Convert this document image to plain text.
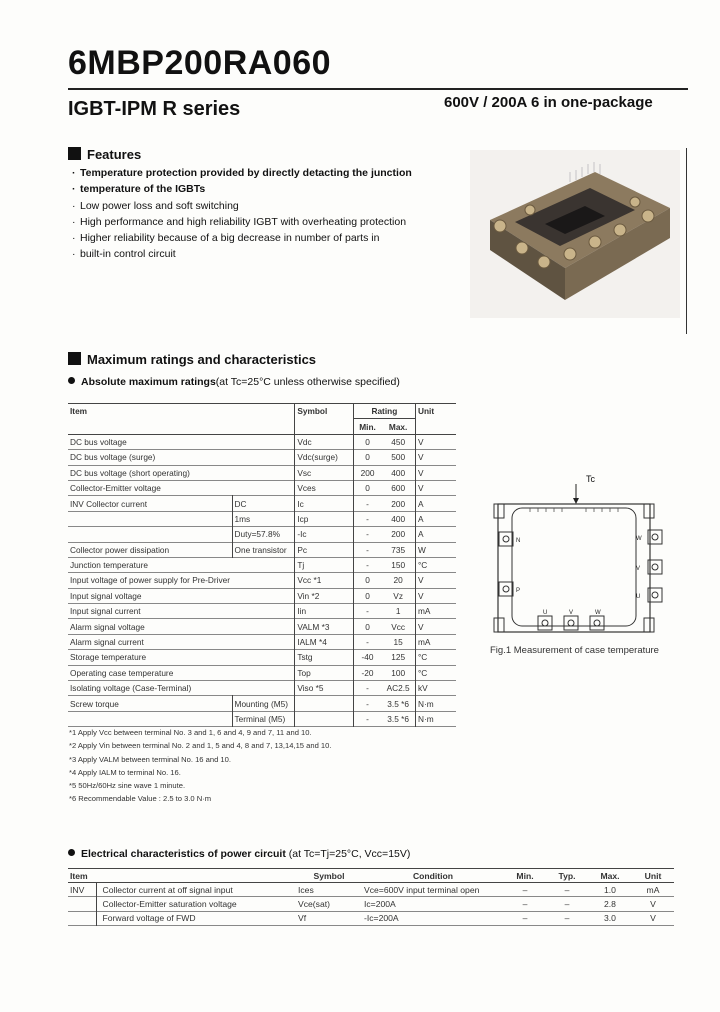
6MBP200RA060
IGBT-IPM R series	600V / 200A 6 in one-package
Features
· Temperature protection provided by directly detacting the junction
· temperature of the IGBTs
· Low power loss and soft switching
· High performance and high reliability IGBT with overheating protection
· Higher reliability because of a big decrease in number of parts in
· built-in control circuit
Maximum ratings and characteristics
Absolute maximum ratings(at Tc=25°C unless otherwise specified)
Item		Symbol	Rating		Unit
			Min.	Max.	
DC bus voltage		Vdc	0	450	V
DC bus voltage (surge)		Vdc(surge)	0	500	V
DC bus voltage (short operating)		Vsc	200	400	V
Collector-Emitter voltage		Vces	0	600	V
INV Collector current	DC	Ic	-	200	A
	1ms	Icp	-	400	A
	Duty=57.8%	-Ic	-	200	A
Collector power dissipation	One transistor	Pc	-	735	W
Junction temperature		Tj	-	150	°C
Input voltage of power supply for Pre-Driver		Vcc *1	0	20	V
Input signal voltage		Vin *2	0	Vz	V
Input signal current		Iin	-	1	mA
Alarm signal voltage		VALM *3	0	Vcc	V
Alarm signal current		IALM *4	-	15	mA
Storage temperature		Tstg	-40	125	°C
Operating case temperature		Top	-20	100	°C
Isolating voltage (Case-Terminal)		Viso *5	-	AC2.5	kV
Screw torque	Mounting (M5)		-	3.5 *6	N·m
	Terminal (M5)		-	3.5 *6	N·m
*1 Apply Vcc between terminal No. 3 and 1, 6 and 4, 9 and 7, 11 and 10.
*2 Apply Vin between terminal No. 2 and 1, 5 and 4, 8 and 7, 13,14,15 and 10.
*3 Apply VALM between terminal No. 16 and 10.
*4 Apply IALM to terminal No. 16.
*5 50Hz/60Hz sine wave 1 minute.
*6 Recommendable Value : 2.5 to 3.0 N·m
Tc
N
P
W
V
U
U	V	W
Fig.1 Measurement of case temperature
Electrical characteristics of power circuit (at Tc=Tj=25°C, Vcc=15V)
Item		Symbol	Condition	Min.	Typ.	Max.	Unit
INV	Collector current at off signal input	Ices	Vce=600V input terminal open	–	–	1.0	mA
	Collector-Emitter saturation voltage	Vce(sat)	Ic=200A	–	–	2.8	V
	Forward voltage of FWD	Vf	-Ic=200A	–	–	3.0	V
